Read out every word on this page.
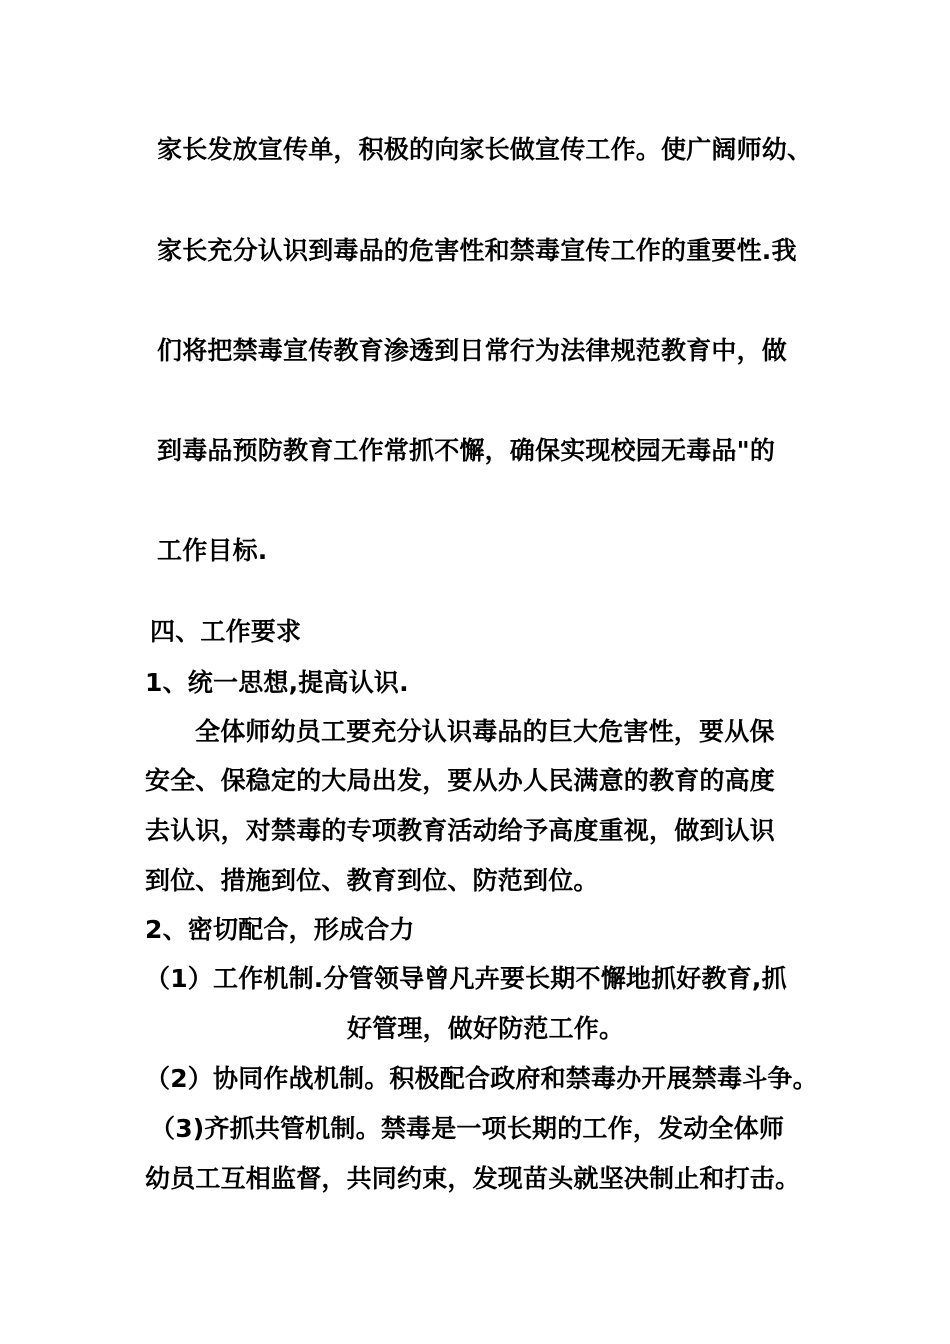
家长发放宣传单，积极的向家长做宣传工作。使广阔师幼、
家长充分认识到毒品的危害性和禁毒宣传工作的重要性.我
们将把禁毒宣传教育渗透到日常行为法律规范教育中，做
到毒品预防教育工作常抓不懈，确保实现校园无毒品"的
工作目标.
四、工作要求
1、统一思想,提高认识.
全体师幼员工要充分认识毒品的巨大危害性，要从保
安全、保稳定的大局出发，要从办人民满意的教育的高度
去认识，对禁毒的专项教育活动给予高度重视，做到认识
到位、措施到位、教育到位、防范到位。
2、密切配合，形成合力
（1）工作机制.分管领导曾凡卉要长期不懈地抓好教育,抓
好管理，做好防范工作。
（2）协同作战机制。积极配合政府和禁毒办开展禁毒斗争。
（3)齐抓共管机制。禁毒是一项长期的工作，发动全体师
幼员工互相监督，共同约束，发现苗头就坚决制止和打击。
